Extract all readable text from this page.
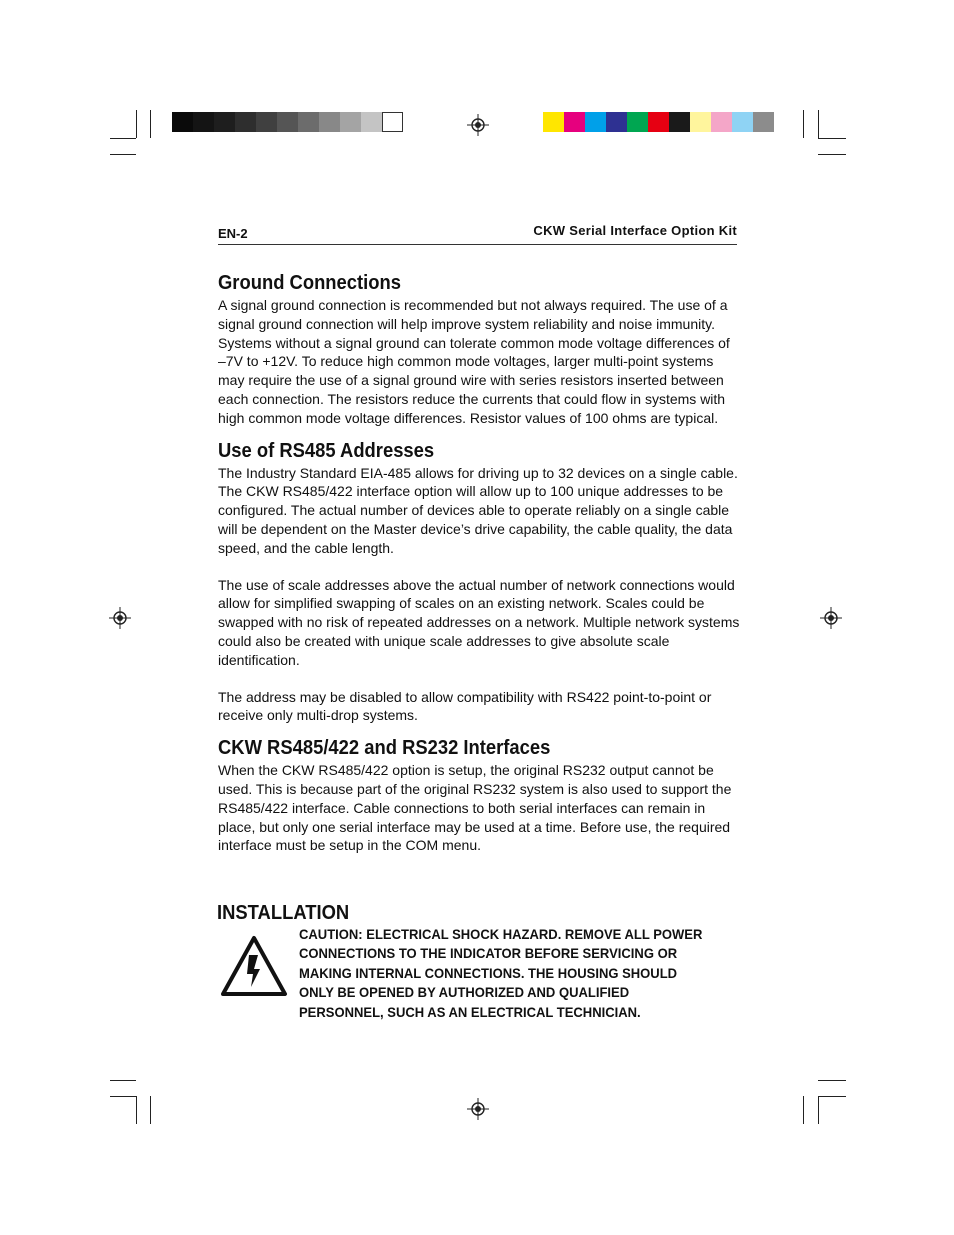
EN-2	CKW Serial Interface Option Kit
Ground Connections

A signal ground connection is recommended but not always required. The use of a signal ground connection will help improve system reliability and noise immunity. Systems without a signal ground can tolerate common mode voltage differences of –7V to +12V. To reduce high common mode voltages, larger multi-point systems may require the use of a signal ground wire with series resistors inserted between each connection. The resistors reduce the currents that could flow in systems with high common mode voltage differences. Resistor values of 100 ohms are typical.

Use of RS485 Addresses

The Industry Standard EIA-485 allows for driving up to 32 devices on a single cable. The CKW RS485/422 interface option will allow up to 100 unique addresses to be configured. The actual number of devices able to operate reliably on a single cable will be dependent on the Master device’s drive capability, the cable quality, the data speed, and the cable length.

The use of scale addresses above the actual number of network connections would allow for simplified swapping of scales on an existing network. Scales could be swapped with no risk of repeated addresses on a network. Multiple network systems could also be created with unique scale addresses to give absolute scale identification.

The address may be disabled to allow compatibility with RS422 point-to-point or receive only multi-drop systems.

CKW RS485/422 and RS232 Interfaces

When the CKW RS485/422 option is setup, the original RS232 output cannot be used. This is because part of the original RS232 system is also used to support the RS485/422 interface. Cable connections to both serial interfaces can remain in place, but only one serial interface may be used at a time. Before use, the required interface must be setup in the COM menu.

INSTALLATION
CAUTION: ELECTRICAL SHOCK HAZARD. REMOVE ALL POWER CONNECTIONS TO THE INDICATOR BEFORE SERVICING OR MAKING INTERNAL CONNECTIONS. THE HOUSING SHOULD ONLY BE OPENED BY AUTHORIZED AND QUALIFIED PERSONNEL, SUCH AS AN ELECTRICAL TECHNICIAN.
